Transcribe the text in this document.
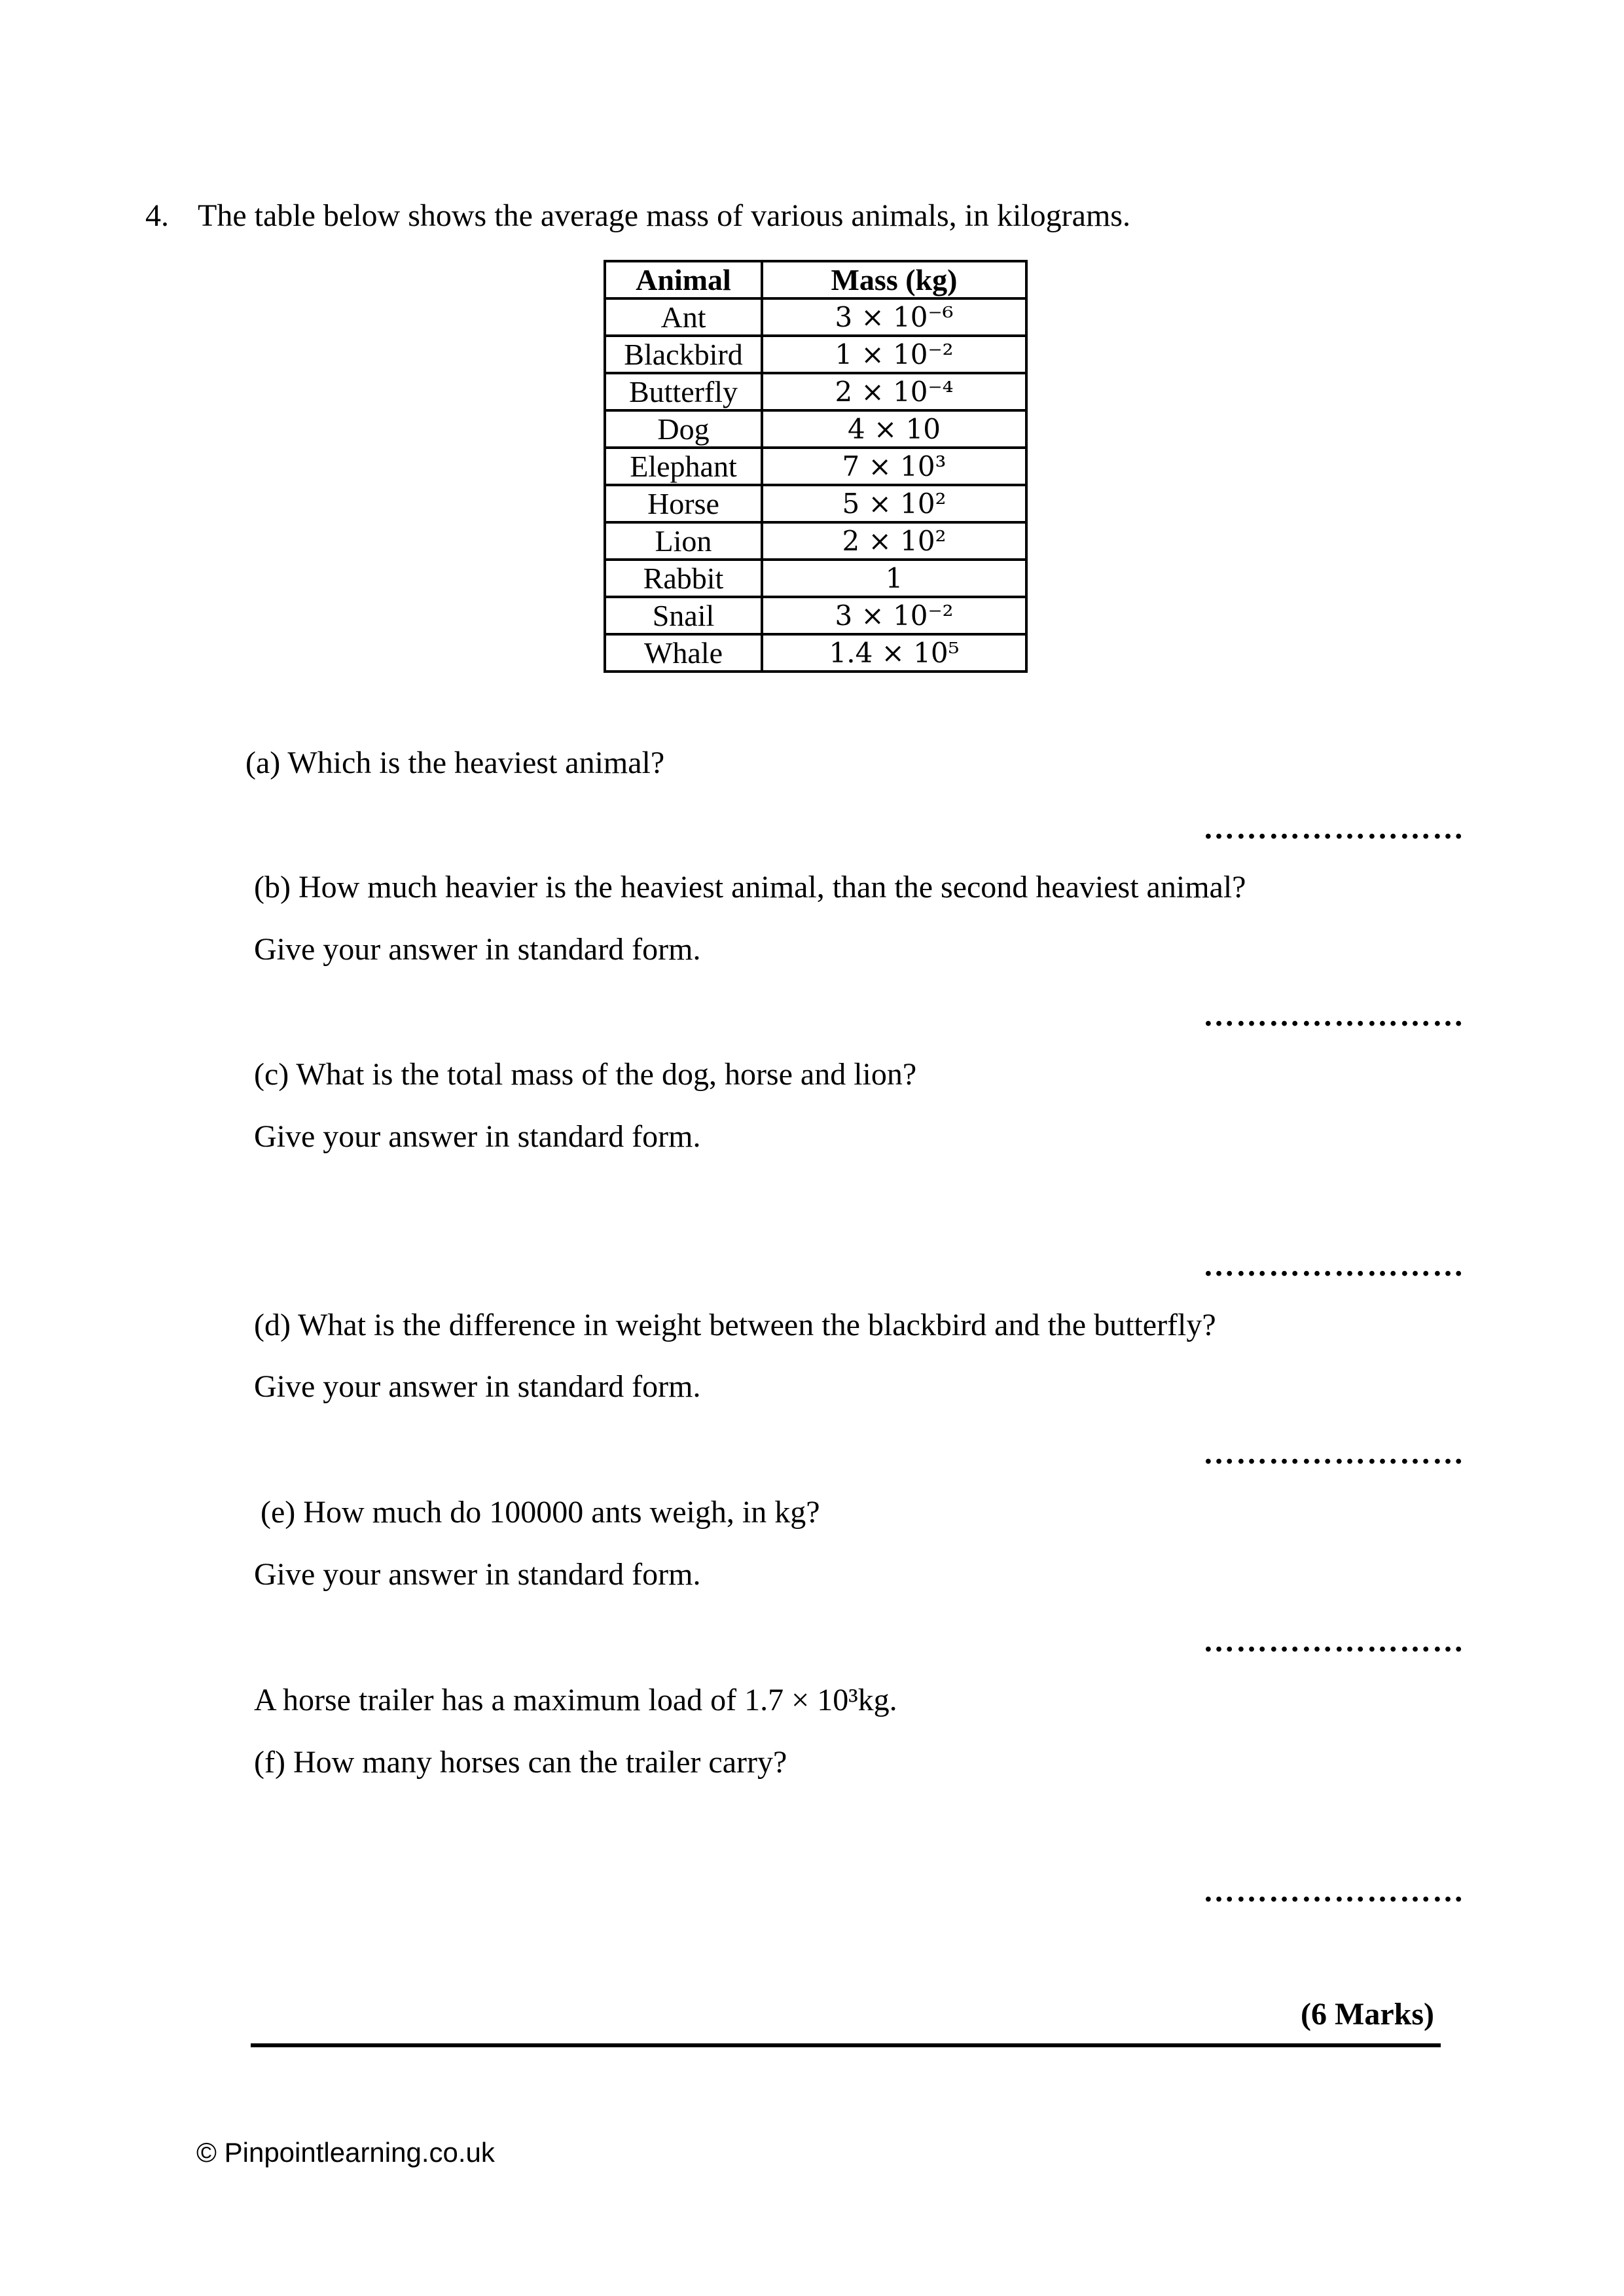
4. The table below shows the average mass of various animals, in kilograms.
Animal	Mass (kg)
Ant	3 × 10⁻⁶
Blackbird	1 × 10⁻²
Butterfly	2 × 10⁻⁴
Dog	4 × 10
Elephant	7 × 10³
Horse	5 × 10²
Lion	2 × 10²
Rabbit	1
Snail	3 × 10⁻²
Whale	1.4 × 10⁵
(a) Which is the heaviest animal?
……………………
(b) How much heavier is the heaviest animal, than the second heaviest animal?
Give your answer in standard form.
……………………
(c) What is the total mass of the dog, horse and lion?
Give your answer in standard form.
……………………
(d) What is the difference in weight between the blackbird and the butterfly?
Give your answer in standard form.
……………………
(e) How much do 100000 ants weigh, in kg?
Give your answer in standard form.
……………………
A horse trailer has a maximum load of 1.7 × 10³kg.
(f) How many horses can the trailer carry?
……………………
(6 Marks)
© Pinpointlearning.co.uk
